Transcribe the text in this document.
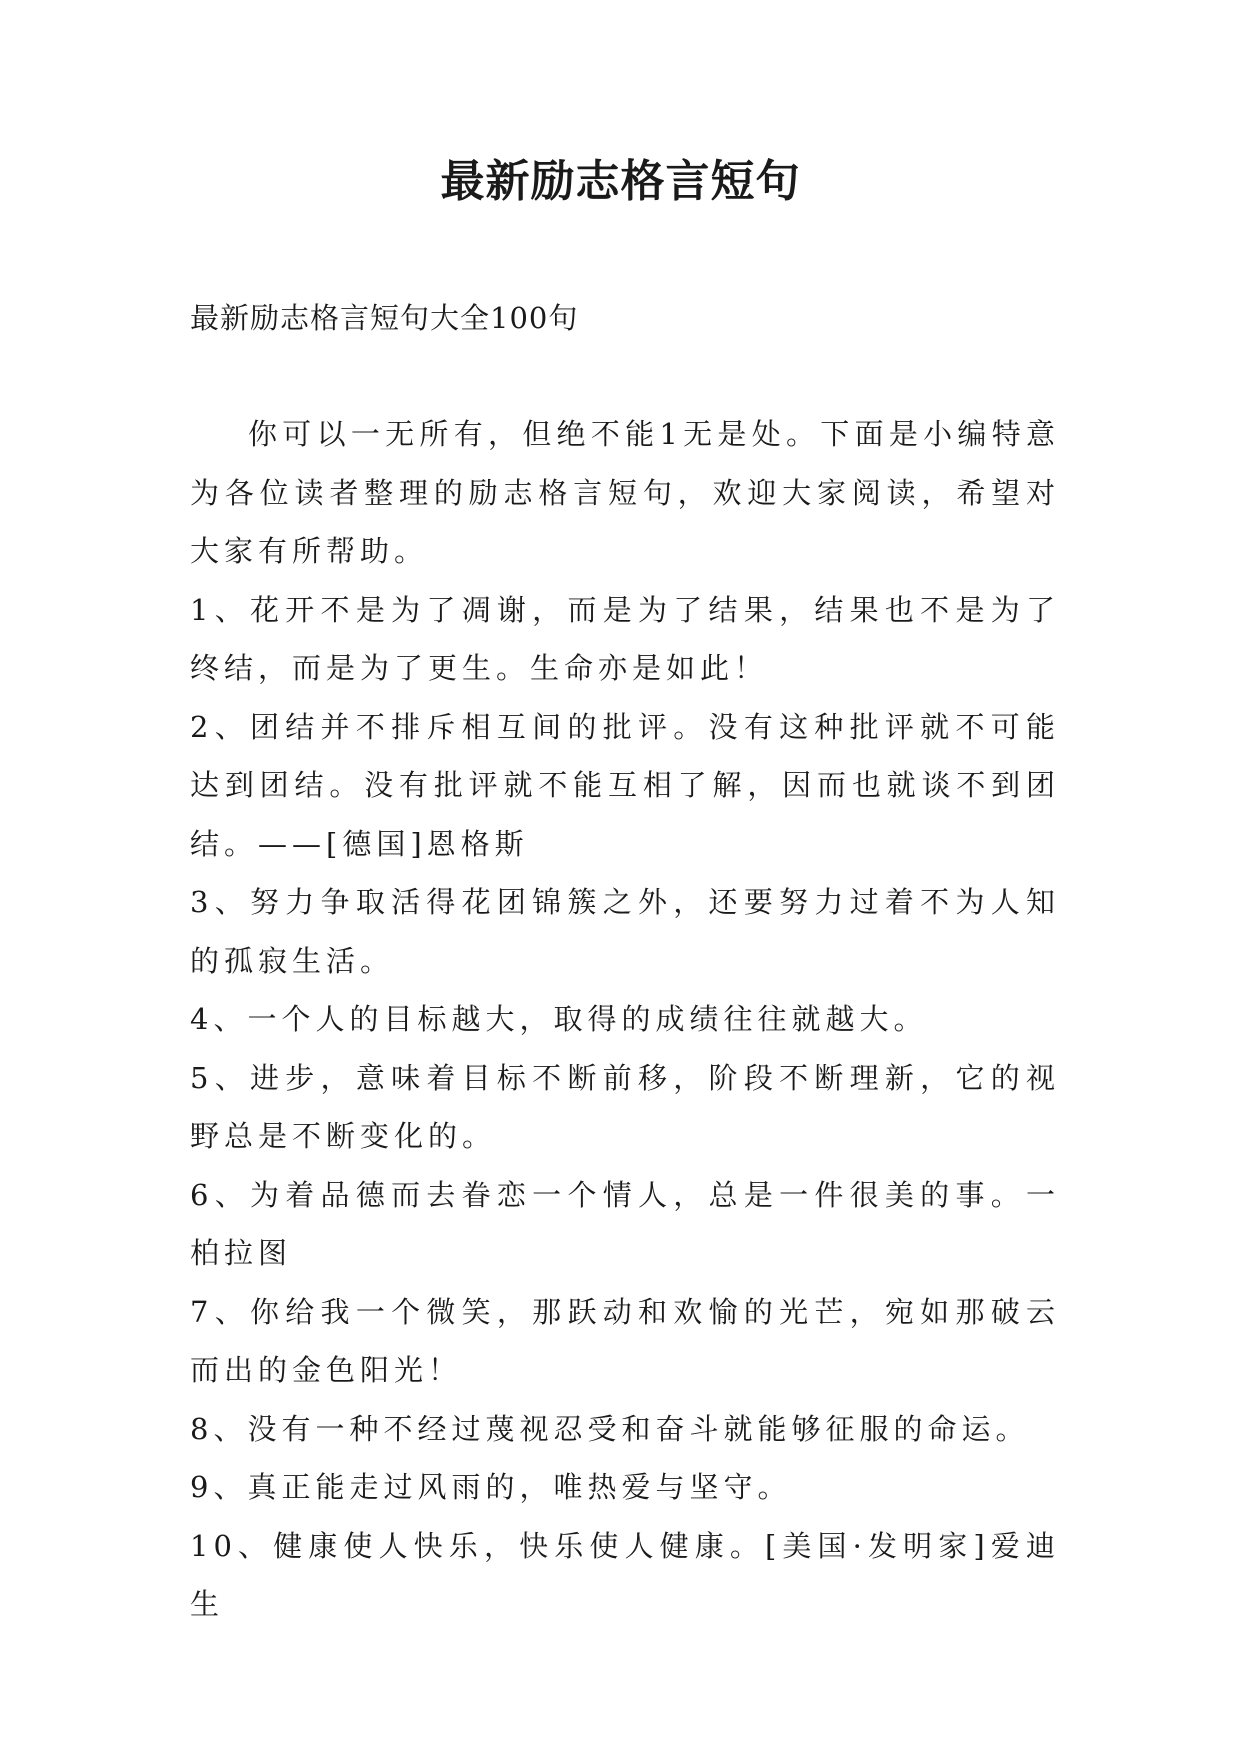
最新励志格言短句

最新励志格言短句大全100句

你可以一无所有，但绝不能1无是处。下面是小编特意为各位读者整理的励志格言短句，欢迎大家阅读，希望对大家有所帮助。

1、花开不是为了凋谢，而是为了结果，结果也不是为了终结，而是为了更生。生命亦是如此！

2、团结并不排斥相互间的批评。没有这种批评就不可能达到团结。没有批评就不能互相了解，因而也就谈不到团结。——[德国]恩格斯

3、努力争取活得花团锦簇之外，还要努力过着不为人知的孤寂生活。

4、一个人的目标越大，取得的成绩往往就越大。

5、进步，意味着目标不断前移，阶段不断理新，它的视野总是不断变化的。

6、为着品德而去眷恋一个情人，总是一件很美的事。一柏拉图

7、你给我一个微笑，那跃动和欢愉的光芒，宛如那破云而出的金色阳光！

8、没有一种不经过蔑视忍受和奋斗就能够征服的命运。

9、真正能走过风雨的，唯热爱与坚守。

10、健康使人快乐，快乐使人健康。[美国·发明家]爱迪生
